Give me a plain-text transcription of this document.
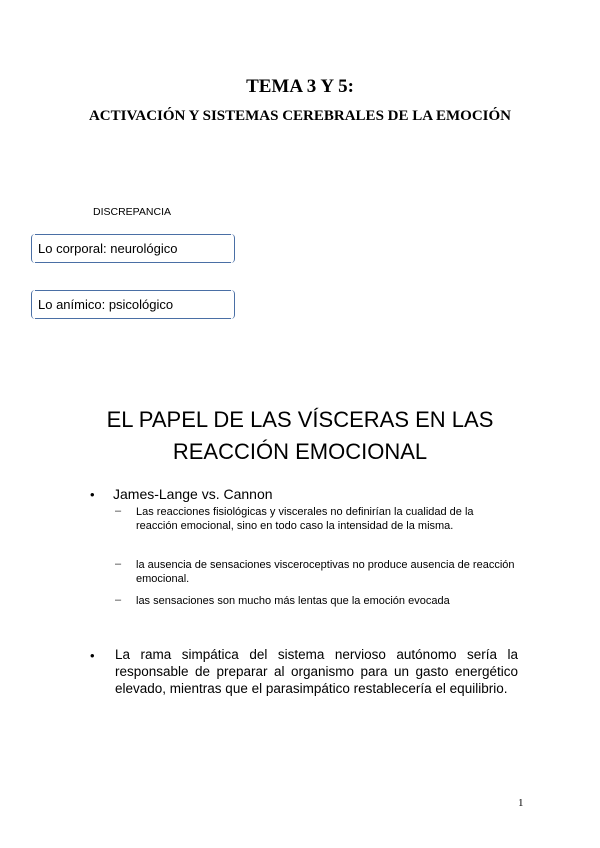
TEMA 3 Y 5:
ACTIVACIÓN Y SISTEMAS CEREBRALES DE LA EMOCIÓN
DISCREPANCIA
Lo corporal: neurológico
Lo anímico: psicológico
EL PAPEL DE LAS VÍSCERAS EN LAS REACCIÓN EMOCIONAL
• James-Lange vs. Cannon
– Las reacciones fisiológicas y viscerales no definirían la cualidad de la reacción emocional, sino en todo caso la intensidad de la misma.
– la ausencia de sensaciones visceroceptivas no produce ausencia de reacción emocional.
– las sensaciones son mucho más lentas que la emoción evocada
• La rama simpática del sistema nervioso autónomo sería la responsable de preparar al organismo para un gasto energético elevado, mientras que el parasimpático restablecería el equilibrio.
1
